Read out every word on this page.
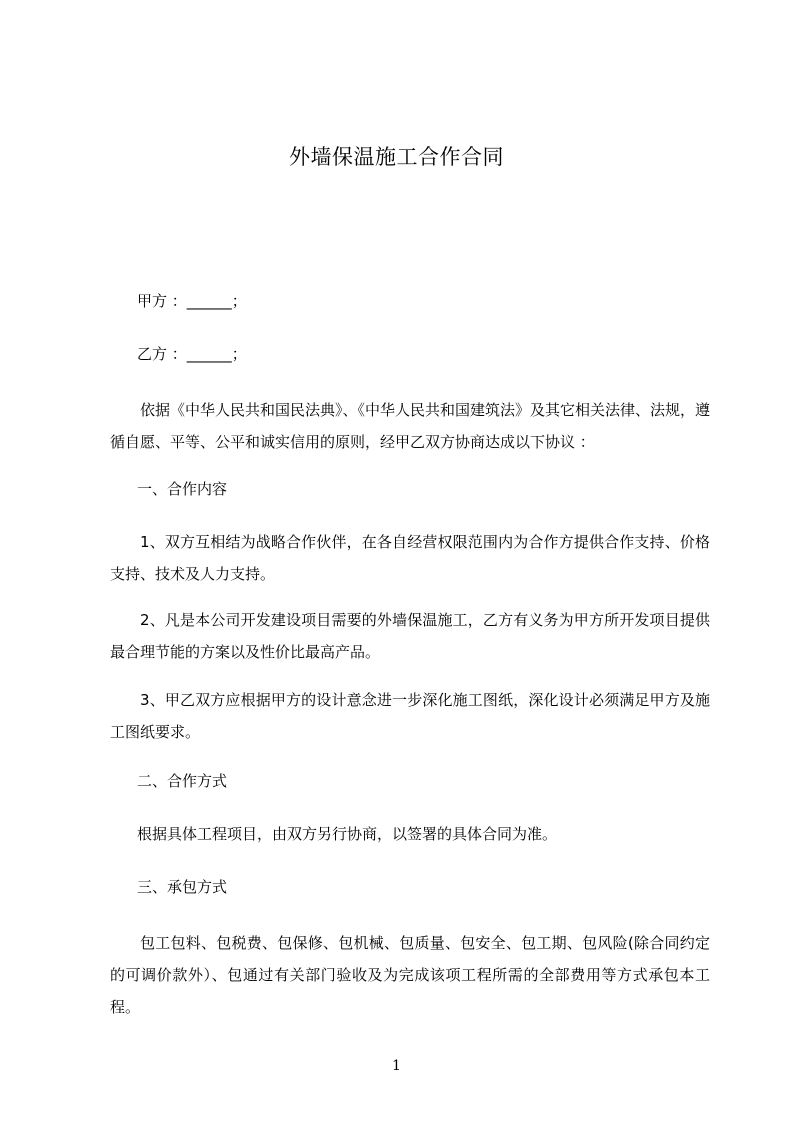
外墙保温施工合作合同
甲方 ：______；
乙方 ：______；
依据《中华人民共和国民法典》、《中华人民共和国建筑法》及其它相关法律、法规，遵循自愿、平等、公平和诚实信用的原则，经甲乙双方协商达成以下协议 ：
一、合作内容
1、双方互相结为战略合作伙伴，在各自经营权限范围内为合作方提供合作支持、价格支持、技术及人力支持。
2、凡是本公司开发建设项目需要的外墙保温施工，乙方有义务为甲方所开发项目提供最合理节能的方案以及性价比最高产品。
3、甲乙双方应根据甲方的设计意念进一步深化施工图纸，深化设计必须满足甲方及施工图纸要求。
二、合作方式
根据具体工程项目，由双方另行协商，以签署的具体合同为准。
三、承包方式
包工包料、包税费、包保修、包机械、包质量、包安全、包工期、包风险(除合同约定的可调价款外）、包通过有关部门验收及为完成该项工程所需的全部费用等方式承包本工程。
1
